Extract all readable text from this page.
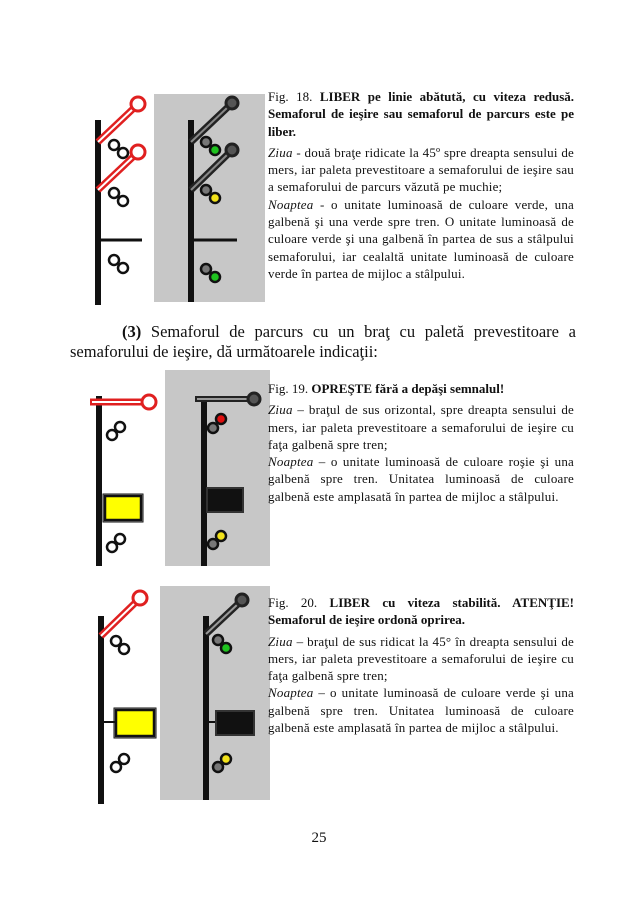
Fig. 18. LIBER pe linie abătută, cu viteza redusă. Semaforul de ieşire sau semaforul de parcurs este pe liber.

Ziua - două braţe ridicate la 45º spre dreapta sensului de mers, iar paleta prevestitoare a semaforului de ieşire sau a semaforului de parcurs văzută pe muchie;
Noaptea - o unitate luminoasă de culoare verde, una galbenă şi una verde spre tren. O unitate luminoasă de culoare verde şi una galbenă în partea de sus a stâlpului semaforului, iar cealaltă unitate luminoasă de culoare verde în partea de mijloc a stâlpului.

(3) Semaforul de parcurs cu un braţ cu paletă prevestitoare a semaforului de ieşire, dă următoarele indicaţii:

Fig. 19. OPREŞTE fără a depăşi semnalul!

Ziua – braţul de sus orizontal, spre dreapta sensului de mers, iar paleta prevestitoare a semaforului de ieşire cu faţa galbenă spre tren;
Noaptea – o unitate luminoasă de culoare roşie şi una galbenă spre tren. Unitatea luminoasă de culoare galbenă este amplasată în partea de mijloc a stâlpului.

Fig. 20. LIBER cu viteza stabilită. ATENŢIE! Semaforul de ieşire ordonă oprirea.

Ziua – braţul de sus ridicat la 45° în dreapta sensului de mers, iar paleta prevestitoare a semaforului de ieşire cu faţa galbenă spre tren;
Noaptea – o unitate luminoasă de culoare verde şi una galbenă spre tren. Unitatea luminoasă de culoare galbenă este amplasată în partea de mijloc a stâlpului.

25
